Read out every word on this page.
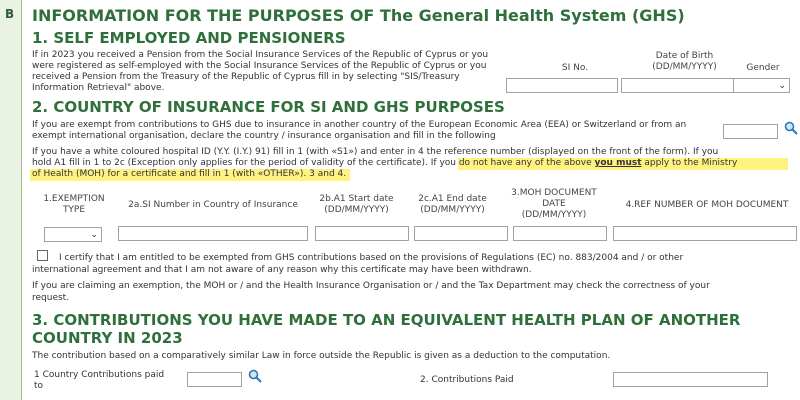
B INFORMATION FOR THE PURPOSES OF The General Health System (GHS)
1. SELF EMPLOYED AND PENSIONERS
If in 2023 you received a Pension from the Social Insurance Services of the Republic of Cyprus or you were registered as self-employed with the Social Insurance Services of the Republic of Cyprus or you received a Pension from the Treasury of the Republic of Cyprus fill in by selecting "SIS/Treasury Information Retrieval" above.
SI No.
Date of Birth
(DD/MM/YYYY)	Gender
⌄
2. COUNTRY OF INSURANCE FOR SI AND GHS PURPOSES
If you are exempt from contributions to GHS due to insurance in another country of the European Economic Area (EEA) or Switzerland or from an exempt international organisation, declare the country / insurance organisation and fill in the following
If you have a white coloured hospital ID (Y.Y. (I.Y.) 91) fill in 1 (with «S1») and enter in 4 the reference number (displayed on the front of the form). If you
hold A1 fill in 1 to 2c (Exception only applies for the period of validity of the certificate). If you do not have any of the above you must apply to the Ministry
of Health (MOH) for a certificate and fill in 1 (with «OTHER»). 3 and 4.
1.EXEMPTION
TYPE	2a.SI Number in Country of Insurance
2b.A1 Start date
(DD/MM/YYYY)
2c.A1 End date
(DD/MM/YYYY)
3.MOH DOCUMENT
DATE
(DD/MM/YYYY)
4.REF NUMBER OF MOH DOCUMENT
⌄
I certify that I am entitled to be exempted from GHS contributions based on the provisions of Regulations (EC) no. 883/2004 and / or other
international agreement and that I am not aware of any reason why this certificate may have been withdrawn.
If you are claiming an exemption, the MOH or / and the Health Insurance Organisation or / and the Tax Department may check the correctness of your
request.
3. CONTRIBUTIONS YOU HAVE MADE TO AN EQUIVALENT HEALTH PLAN OF ANOTHER
COUNTRY IN 2023
The contribution based on a comparatively similar Law in force outside the Republic is given as a deduction to the computation.
1 Country Contributions paid
to
2. Contributions Paid
